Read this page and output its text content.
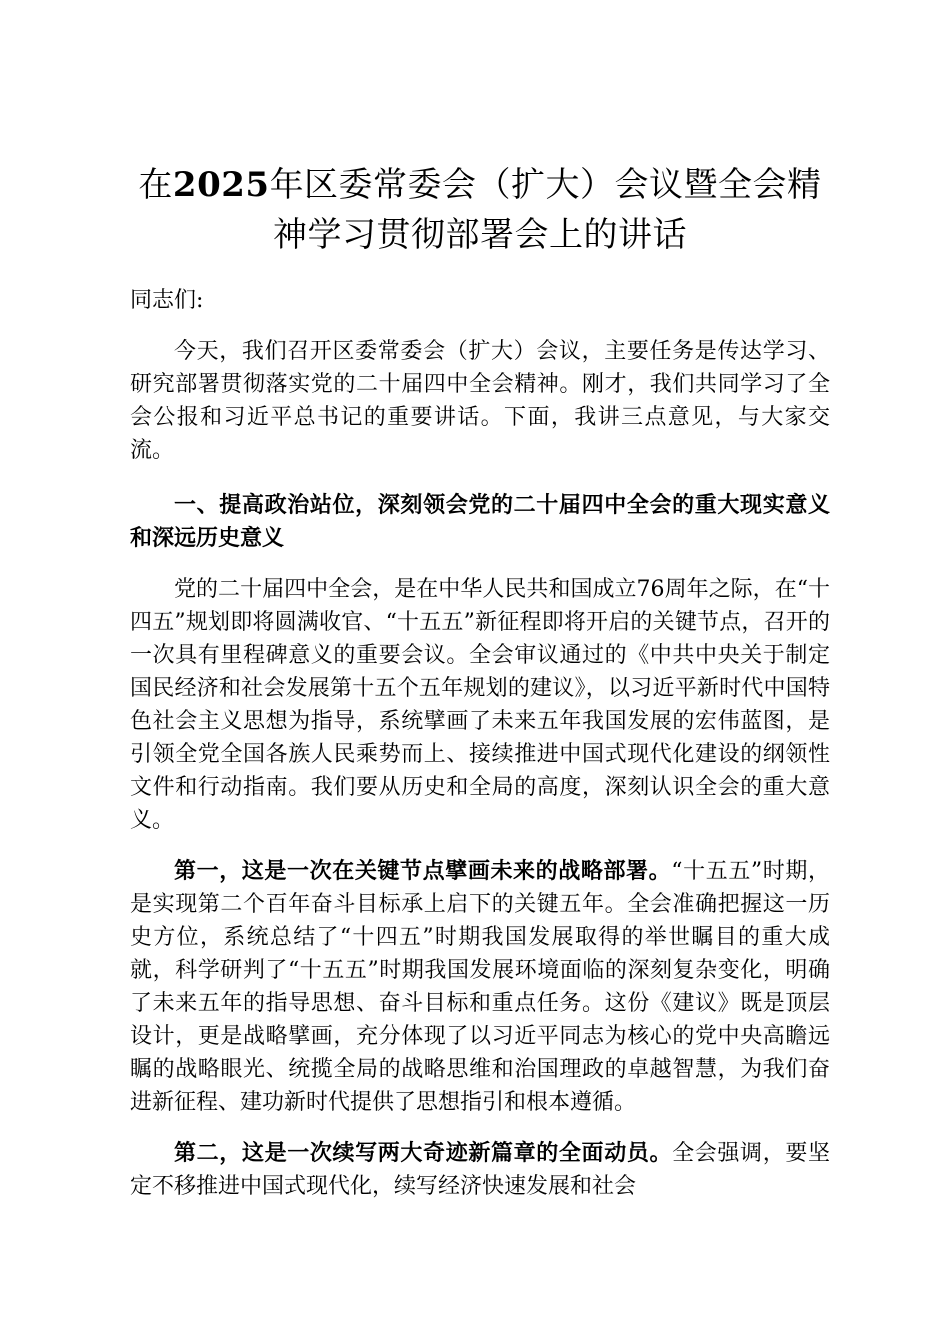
在2025年区委常委会（扩大）会议暨全会精神学习贯彻部署会上的讲话
同志们:

今天，我们召开区委常委会（扩大）会议，主要任务是传达学习、研究部署贯彻落实党的二十届四中全会精神。刚才，我们共同学习了全会公报和习近平总书记的重要讲话。下面，我讲三点意见，与大家交流。

一、提高政治站位，深刻领会党的二十届四中全会的重大现实意义和深远历史意义

党的二十届四中全会，是在中华人民共和国成立76周年之际，在“十四五”规划即将圆满收官、“十五五”新征程即将开启的关键节点，召开的一次具有里程碑意义的重要会议。全会审议通过的《中共中央关于制定国民经济和社会发展第十五个五年规划的建议》，以习近平新时代中国特色社会主义思想为指导，系统擘画了未来五年我国发展的宏伟蓝图，是引领全党全国各族人民乘势而上、接续推进中国式现代化建设的纲领性文件和行动指南。我们要从历史和全局的高度，深刻认识全会的重大意义。

第一，这是一次在关键节点擘画未来的战略部署。“十五五”时期，是实现第二个百年奋斗目标承上启下的关键五年。全会准确把握这一历史方位，系统总结了“十四五”时期我国发展取得的举世瞩目的重大成就，科学研判了“十五五”时期我国发展环境面临的深刻复杂变化，明确了未来五年的指导思想、奋斗目标和重点任务。这份《建议》既是顶层设计，更是战略擘画，充分体现了以习近平同志为核心的党中央高瞻远瞩的战略眼光、统揽全局的战略思维和治国理政的卓越智慧，为我们奋进新征程、建功新时代提供了思想指引和根本遵循。

第二，这是一次续写两大奇迹新篇章的全面动员。全会强调，要坚定不移推进中国式现代化，续写经济快速发展和社会
